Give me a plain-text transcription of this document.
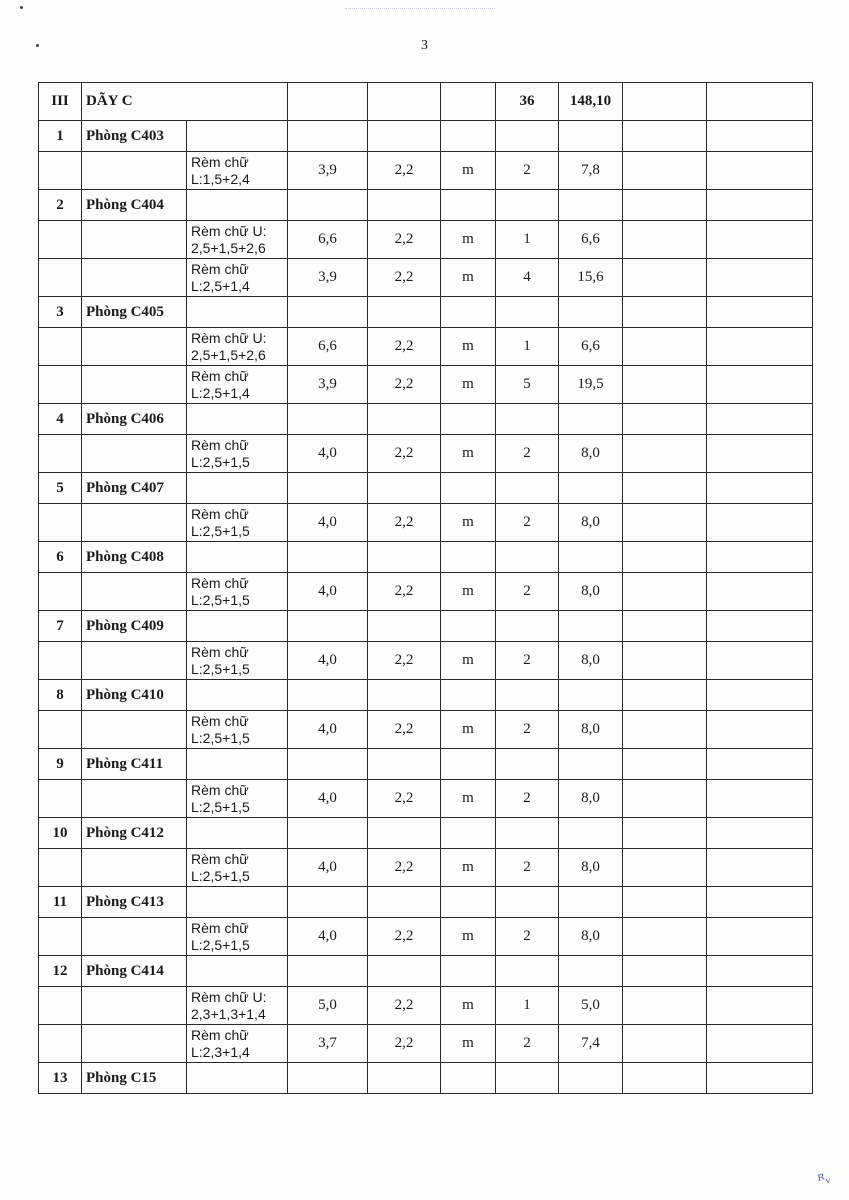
3
III	DÃY C					36	148,10		
1	Phòng C403								
		Rèm chữ L:1,5+2,4	3,9	2,2	m	2	7,8		
2	Phòng C404								
		Rèm chữ U: 2,5+1,5+2,6	6,6	2,2	m	1	6,6		
		Rèm chữ L:2,5+1,4	3,9	2,2	m	4	15,6		
3	Phòng C405								
		Rèm chữ U: 2,5+1,5+2,6	6,6	2,2	m	1	6,6		
		Rèm chữ L:2,5+1,4	3,9	2,2	m	5	19,5		
4	Phòng C406								
		Rèm chữ L:2,5+1,5	4,0	2,2	m	2	8,0		
5	Phòng C407								
		Rèm chữ L:2,5+1,5	4,0	2,2	m	2	8,0		
6	Phòng C408								
		Rèm chữ L:2,5+1,5	4,0	2,2	m	2	8,0		
7	Phòng C409								
		Rèm chữ L:2,5+1,5	4,0	2,2	m	2	8,0		
8	Phòng C410								
		Rèm chữ L:2,5+1,5	4,0	2,2	m	2	8,0		
9	Phòng C411								
		Rèm chữ L:2,5+1,5	4,0	2,2	m	2	8,0		
10	Phòng C412								
		Rèm chữ L:2,5+1,5	4,0	2,2	m	2	8,0		
11	Phòng C413								
		Rèm chữ L:2,5+1,5	4,0	2,2	m	2	8,0		
12	Phòng C414								
		Rèm chữ U: 2,3+1,3+1,4	5,0	2,2	m	1	5,0		
		Rèm chữ L:2,3+1,4	3,7	2,2	m	2	7,4		
13	Phòng C15								
ᴿᵥ
